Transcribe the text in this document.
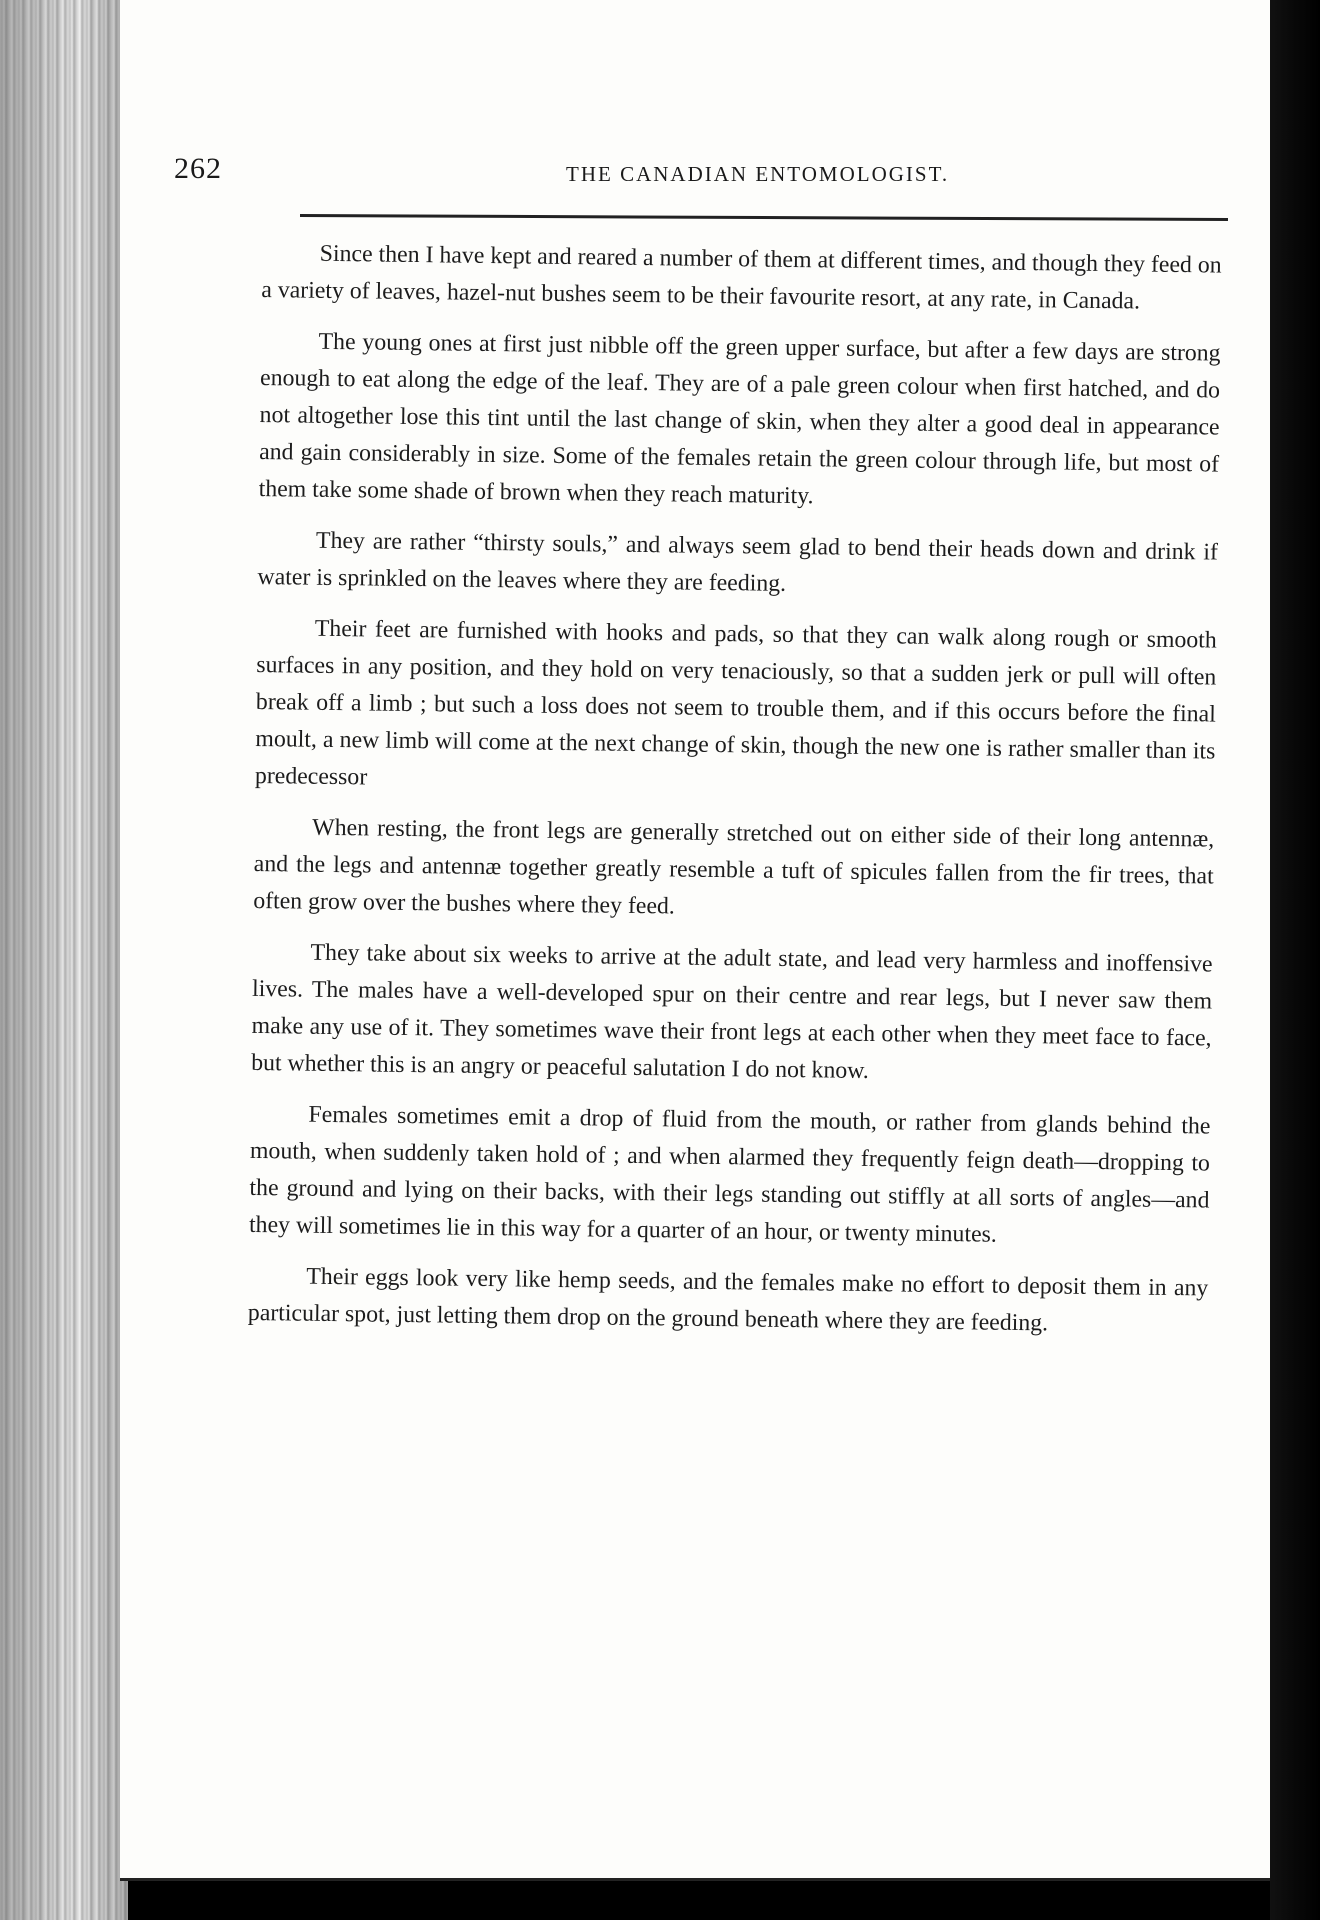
262	THE CANADIAN ENTOMOLOGIST.

Since then I have kept and reared a number of them at different times, and though they feed on a variety of leaves, hazel-nut bushes seem to be their favourite resort, at any rate, in Canada.

The young ones at first just nibble off the green upper surface, but after a few days are strong enough to eat along the edge of the leaf. They are of a pale green colour when first hatched, and do not altogether lose this tint until the last change of skin, when they alter a good deal in appearance and gain considerably in size. Some of the females retain the green colour through life, but most of them take some shade of brown when they reach maturity.

They are rather “thirsty souls,” and always seem glad to bend their heads down and drink if water is sprinkled on the leaves where they are feeding.

Their feet are furnished with hooks and pads, so that they can walk along rough or smooth surfaces in any position, and they hold on very tenaciously, so that a sudden jerk or pull will often break off a limb ; but such a loss does not seem to trouble them, and if this occurs before the final moult, a new limb will come at the next change of skin, though the new one is rather smaller than its predecessor

When resting, the front legs are generally stretched out on either side of their long antennæ, and the legs and antennæ together greatly resemble a tuft of spicules fallen from the fir trees, that often grow over the bushes where they feed.

They take about six weeks to arrive at the adult state, and lead very harmless and inoffensive lives. The males have a well-developed spur on their centre and rear legs, but I never saw them make any use of it. They sometimes wave their front legs at each other when they meet face to face, but whether this is an angry or peaceful salutation I do not know.

Females sometimes emit a drop of fluid from the mouth, or rather from glands behind the mouth, when suddenly taken hold of ; and when alarmed they frequently feign death—dropping to the ground and lying on their backs, with their legs standing out stiffly at all sorts of angles—and they will sometimes lie in this way for a quarter of an hour, or twenty minutes.

Their eggs look very like hemp seeds, and the females make no effort to deposit them in any particular spot, just letting them drop on the ground beneath where they are feeding.
